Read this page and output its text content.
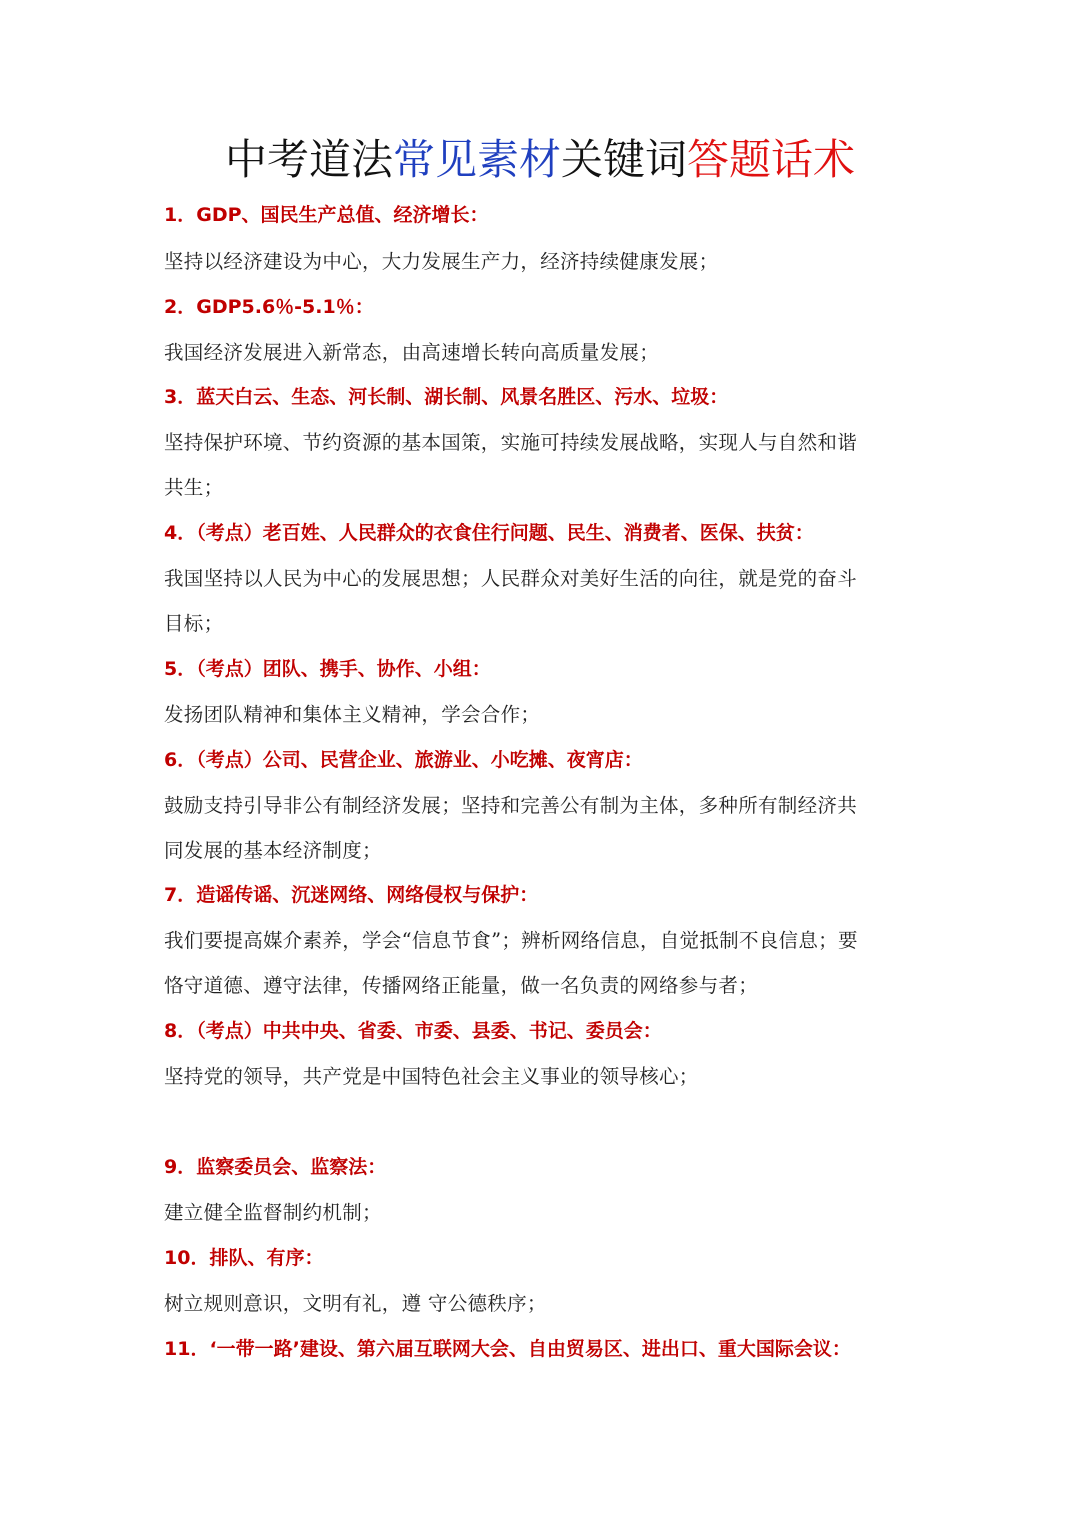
中考道法常见素材关键词答题话术
1．GDP、国民生产总值、经济增长：
坚持以经济建设为中心，大力发展生产力，经济持续健康发展；
2．GDP5.6％-5.1％：
我国经济发展进入新常态，由高速增长转向高质量发展；
3．蓝天白云、生态、河长制、湖长制、风景名胜区、污水、垃圾：
坚持保护环境、节约资源的基本国策，实施可持续发展战略，实现人与自然和谐
共生；
4．（考点）老百姓、人民群众的衣食住行问题、民生、消费者、医保、扶贫：
我国坚持以人民为中心的发展思想；人民群众对美好生活的向往，就是党的奋斗
目标；
5．（考点）团队、携手、协作、小组：
发扬团队精神和集体主义精神，学会合作；
6．（考点）公司、民营企业、旅游业、小吃摊、夜宵店：
鼓励支持引导非公有制经济发展；坚持和完善公有制为主体，多种所有制经济共
同发展的基本经济制度；
7．造谣传谣、沉迷网络、网络侵权与保护：
我们要提高媒介素养，学会“信息节食”；辨析网络信息，自觉抵制不良信息；要
恪守道德、遵守法律，传播网络正能量，做一名负责的网络参与者；
8．（考点）中共中央、省委、市委、县委、书记、委员会：
坚持党的领导，共产党是中国特色社会主义事业的领导核心；
9．监察委员会、监察法：
建立健全监督制约机制；
10．排队、有序：
树立规则意识，文明有礼，遵 守公德秩序；
11．‘一带一路’建设、第六届互联网大会、自由贸易区、进出口、重大国际会议：
